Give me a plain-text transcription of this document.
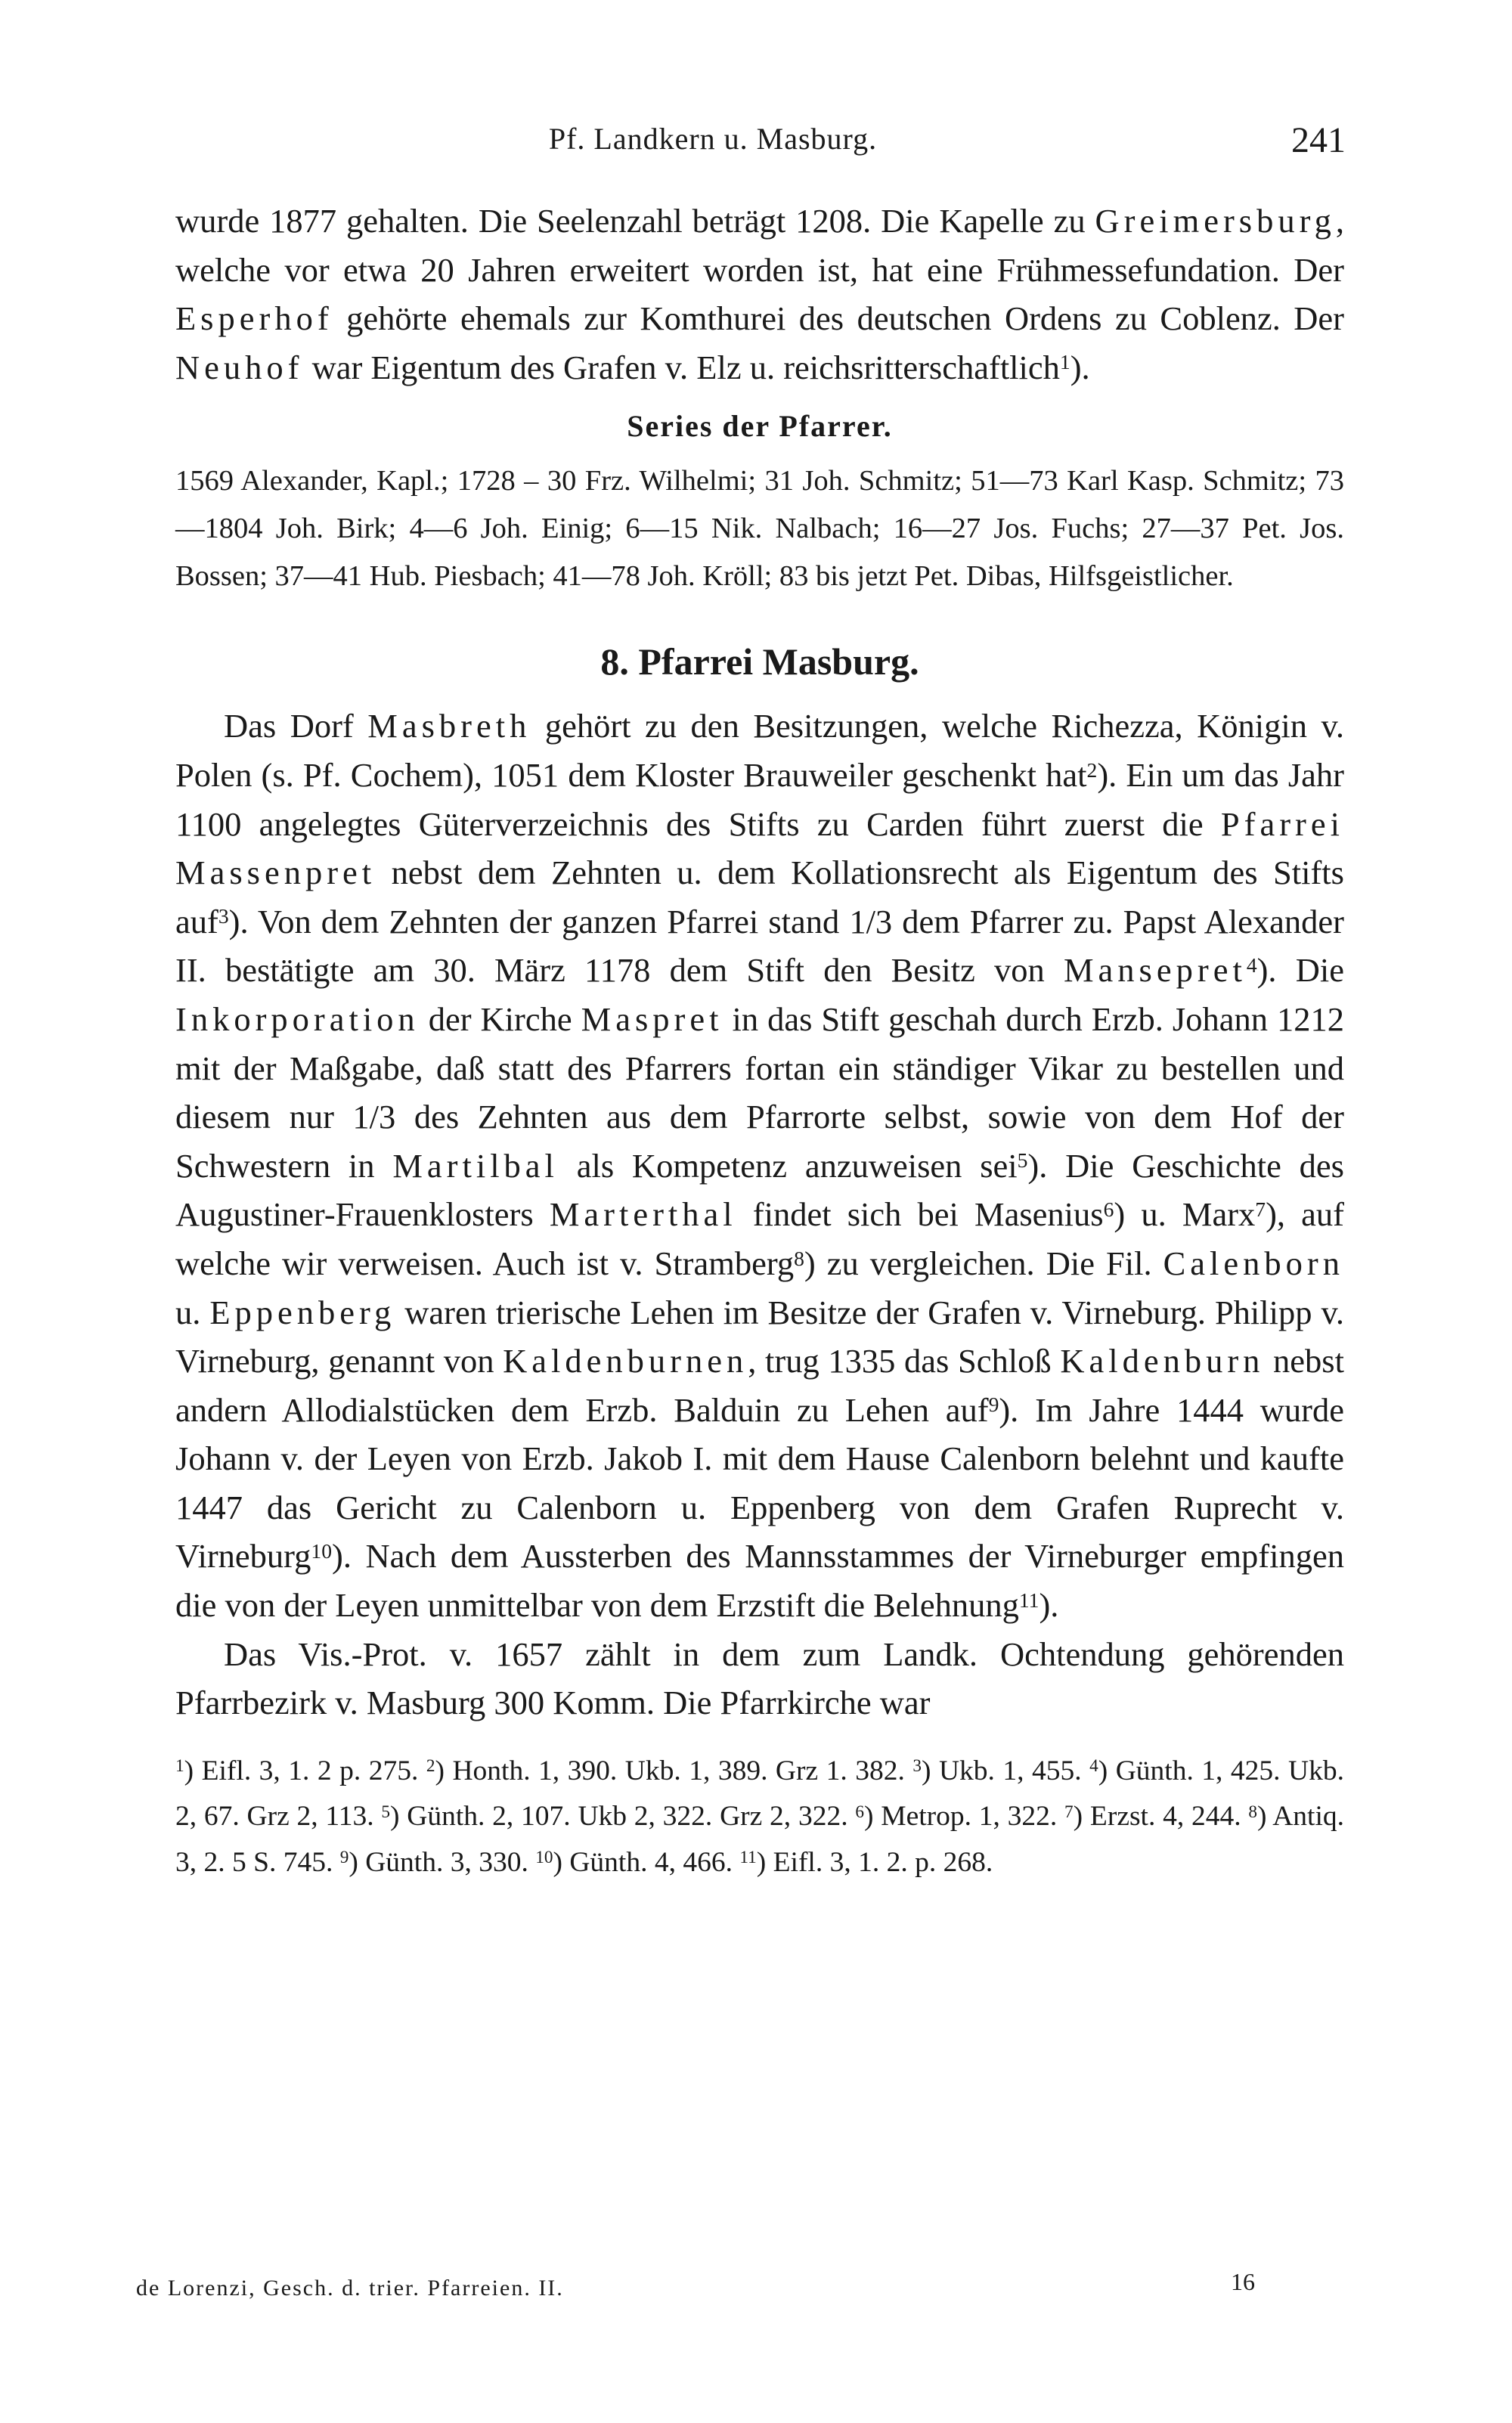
Pf. Landkern u. Masburg.	241

wurde 1877 gehalten. Die Seelenzahl beträgt 1208. Die Kapelle zu Greimersburg, welche vor etwa 20 Jahren erweitert worden ist, hat eine Frühmessefundation. Der Esperhof gehörte ehemals zur Komthurei des deutschen Ordens zu Coblenz. Der Neuhof war Eigentum des Grafen v. Elz u. reichsritterschaftlich$^1$).

Series der Pfarrer.

1569 Alexander, Kapl.; 1728 – 30 Frz. Wilhelmi; 31 Joh. Schmitz; 51—73 Karl Kasp. Schmitz; 73—1804 Joh. Birk; 4—6 Joh. Einig; 6—15 Nik. Nalbach; 16—27 Jos. Fuchs; 27—37 Pet. Jos. Bossen; 37—41 Hub. Piesbach; 41—78 Joh. Kröll; 83 bis jetzt Pet. Dibas, Hilfsgeistlicher.

8. Pfarrei Masburg.

Das Dorf Masbreth gehört zu den Besitzungen, welche Richezza, Königin v. Polen (s. Pf. Cochem), 1051 dem Kloster Brauweiler geschenkt hat$^2$). Ein um das Jahr 1100 angelegtes Güterverzeichnis des Stifts zu Carden führt zuerst die Pfarrei Massenpret nebst dem Zehnten u. dem Kollationsrecht als Eigentum des Stifts auf$^3$). Von dem Zehnten der ganzen Pfarrei stand 1/3 dem Pfarrer zu. Papst Alexander II. bestätigte am 30. März 1178 dem Stift den Besitz von Mansepret$^4$). Die Inkorporation der Kirche Maspret in das Stift geschah durch Erzb. Johann 1212 mit der Maßgabe, daß statt des Pfarrers fortan ein ständiger Vikar zu bestellen und diesem nur 1/3 des Zehnten aus dem Pfarrorte selbst, sowie von dem Hof der Schwestern in Martilbal als Kompetenz anzuweisen sei$^5$). Die Geschichte des Augustiner-Frauenklosters Marterthal findet sich bei Masenius$^6$) u. Marx$^7$), auf welche wir verweisen. Auch ist v. Stramberg$^8$) zu vergleichen. Die Fil. Calenborn u. Eppenberg waren trierische Lehen im Besitze der Grafen v. Virneburg. Philipp v. Virneburg, genannt von Kaldenburnen, trug 1335 das Schloß Kaldenburn nebst andern Allodialstücken dem Erzb. Balduin zu Lehen auf$^9$). Im Jahre 1444 wurde Johann v. der Leyen von Erzb. Jakob I. mit dem Hause Calenborn belehnt und kaufte 1447 das Gericht zu Calenborn u. Eppenberg von dem Grafen Ruprecht v. Virneburg$^{10}$). Nach dem Aussterben des Mannsstammes der Virneburger empfingen die von der Leyen unmittelbar von dem Erzstift die Belehnung$^{11}$).

Das Vis.-Prot. v. 1657 zählt in dem zum Landk. Ochtendung gehörenden Pfarrbezirk v. Masburg 300 Komm. Die Pfarrkirche war

$^1$) Eifl. 3, 1. 2 p. 275. $^2$) Honth. 1, 390. Ukb. 1, 389. Grz 1. 382. $^3$) Ukb. 1, 455. $^4$) Günth. 1, 425. Ukb. 2, 67. Grz 2, 113. $^5$) Günth. 2, 107. Ukb 2, 322. Grz 2, 322. $^6$) Metrop. 1, 322. $^7$) Erzst. 4, 244. $^8$) Antiq. 3, 2. 5 S. 745. $^9$) Günth. 3, 330. $^{10}$) Günth. 4, 466. $^{11}$) Eifl. 3, 1. 2. p. 268.

de Lorenzi, Gesch. d. trier. Pfarreien. II.	16
